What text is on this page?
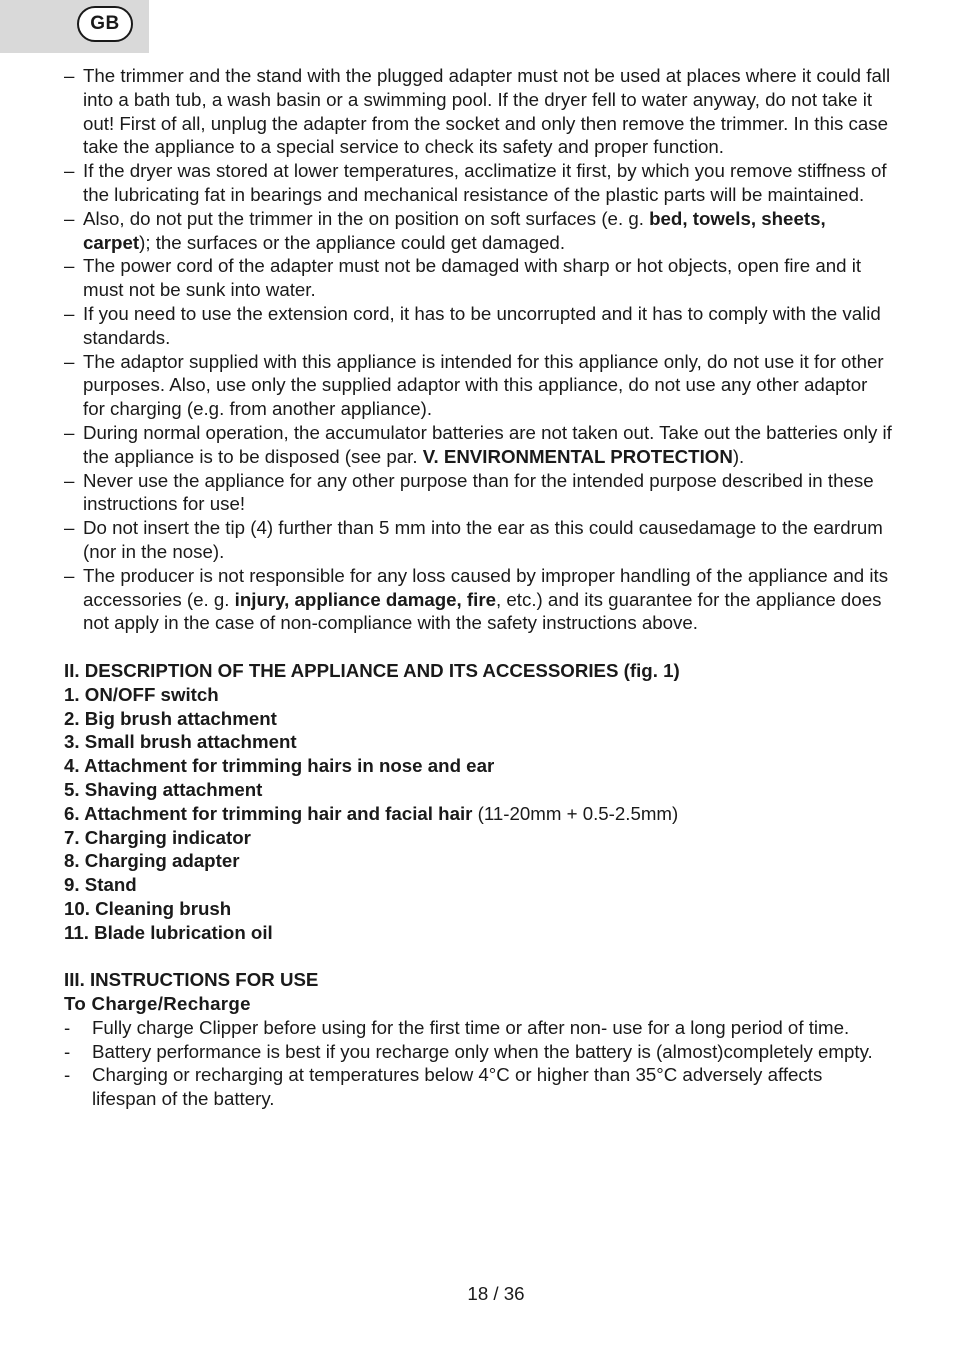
GB
– The trimmer and the stand with the plugged adapter must not be used at places where it could fall into a bath tub, a wash basin or a swimming pool. If the dryer fell to water anyway, do not take it out! First of all, unplug the adapter from the socket and only then remove the trimmer. In this case take the appliance to a special service to check its safety and proper function.
– If the dryer was stored at lower temperatures, acclimatize it first, by which you remove stiffness of the lubricating fat in bearings and mechanical resistance of the plastic parts will be maintained.
– Also, do not put the trimmer in the on position on soft surfaces (e. g. bed, towels, sheets, carpet); the surfaces or the appliance could get damaged.
– The power cord of the adapter must not be damaged with sharp or hot objects, open fire and it must not be sunk into water.
– If you need to use the extension cord, it has to be uncorrupted and it has to comply with the valid standards.
– The adaptor supplied with this appliance is intended for this appliance only, do not use it for other purposes. Also, use only the supplied adaptor with this appliance, do not use any other adaptor for charging (e.g. from another appliance).
– During normal operation, the accumulator batteries are not taken out. Take out the batteries only if the appliance is to be disposed (see par. V. ENVIRONMENTAL PROTECTION).
– Never use the appliance for any other purpose than for the intended purpose described in these instructions for use!
– Do not insert the tip (4) further than 5 mm into the ear as this could causedamage to the eardrum (nor in the nose).
– The producer is not responsible for any loss caused by improper handling of the appliance and its accessories (e. g. injury, appliance damage, fire, etc.) and its guarantee for the appliance does not apply in the case of non-compliance with the safety instructions above.
II. DESCRIPTION OF THE APPLIANCE AND ITS ACCESSORIES (fig. 1)
1. ON/OFF switch
2. Big brush attachment
3. Small brush attachment
4. Attachment for trimming hairs in nose and ear
5. Shaving attachment
6. Attachment for trimming hair and facial hair (11-20mm + 0.5-2.5mm)
7. Charging indicator
8. Charging adapter
9. Stand
10. Cleaning brush
11. Blade lubrication oil
III. INSTRUCTIONS FOR USE
To Charge/Recharge
- Fully charge Clipper before using for the first time or after non- use for a long period of time.
- Battery performance is best if you recharge only when the battery is (almost)completely empty.
- Charging or recharging at temperatures below 4°C or higher than 35°C adversely affects lifespan of the battery.
18 / 36
